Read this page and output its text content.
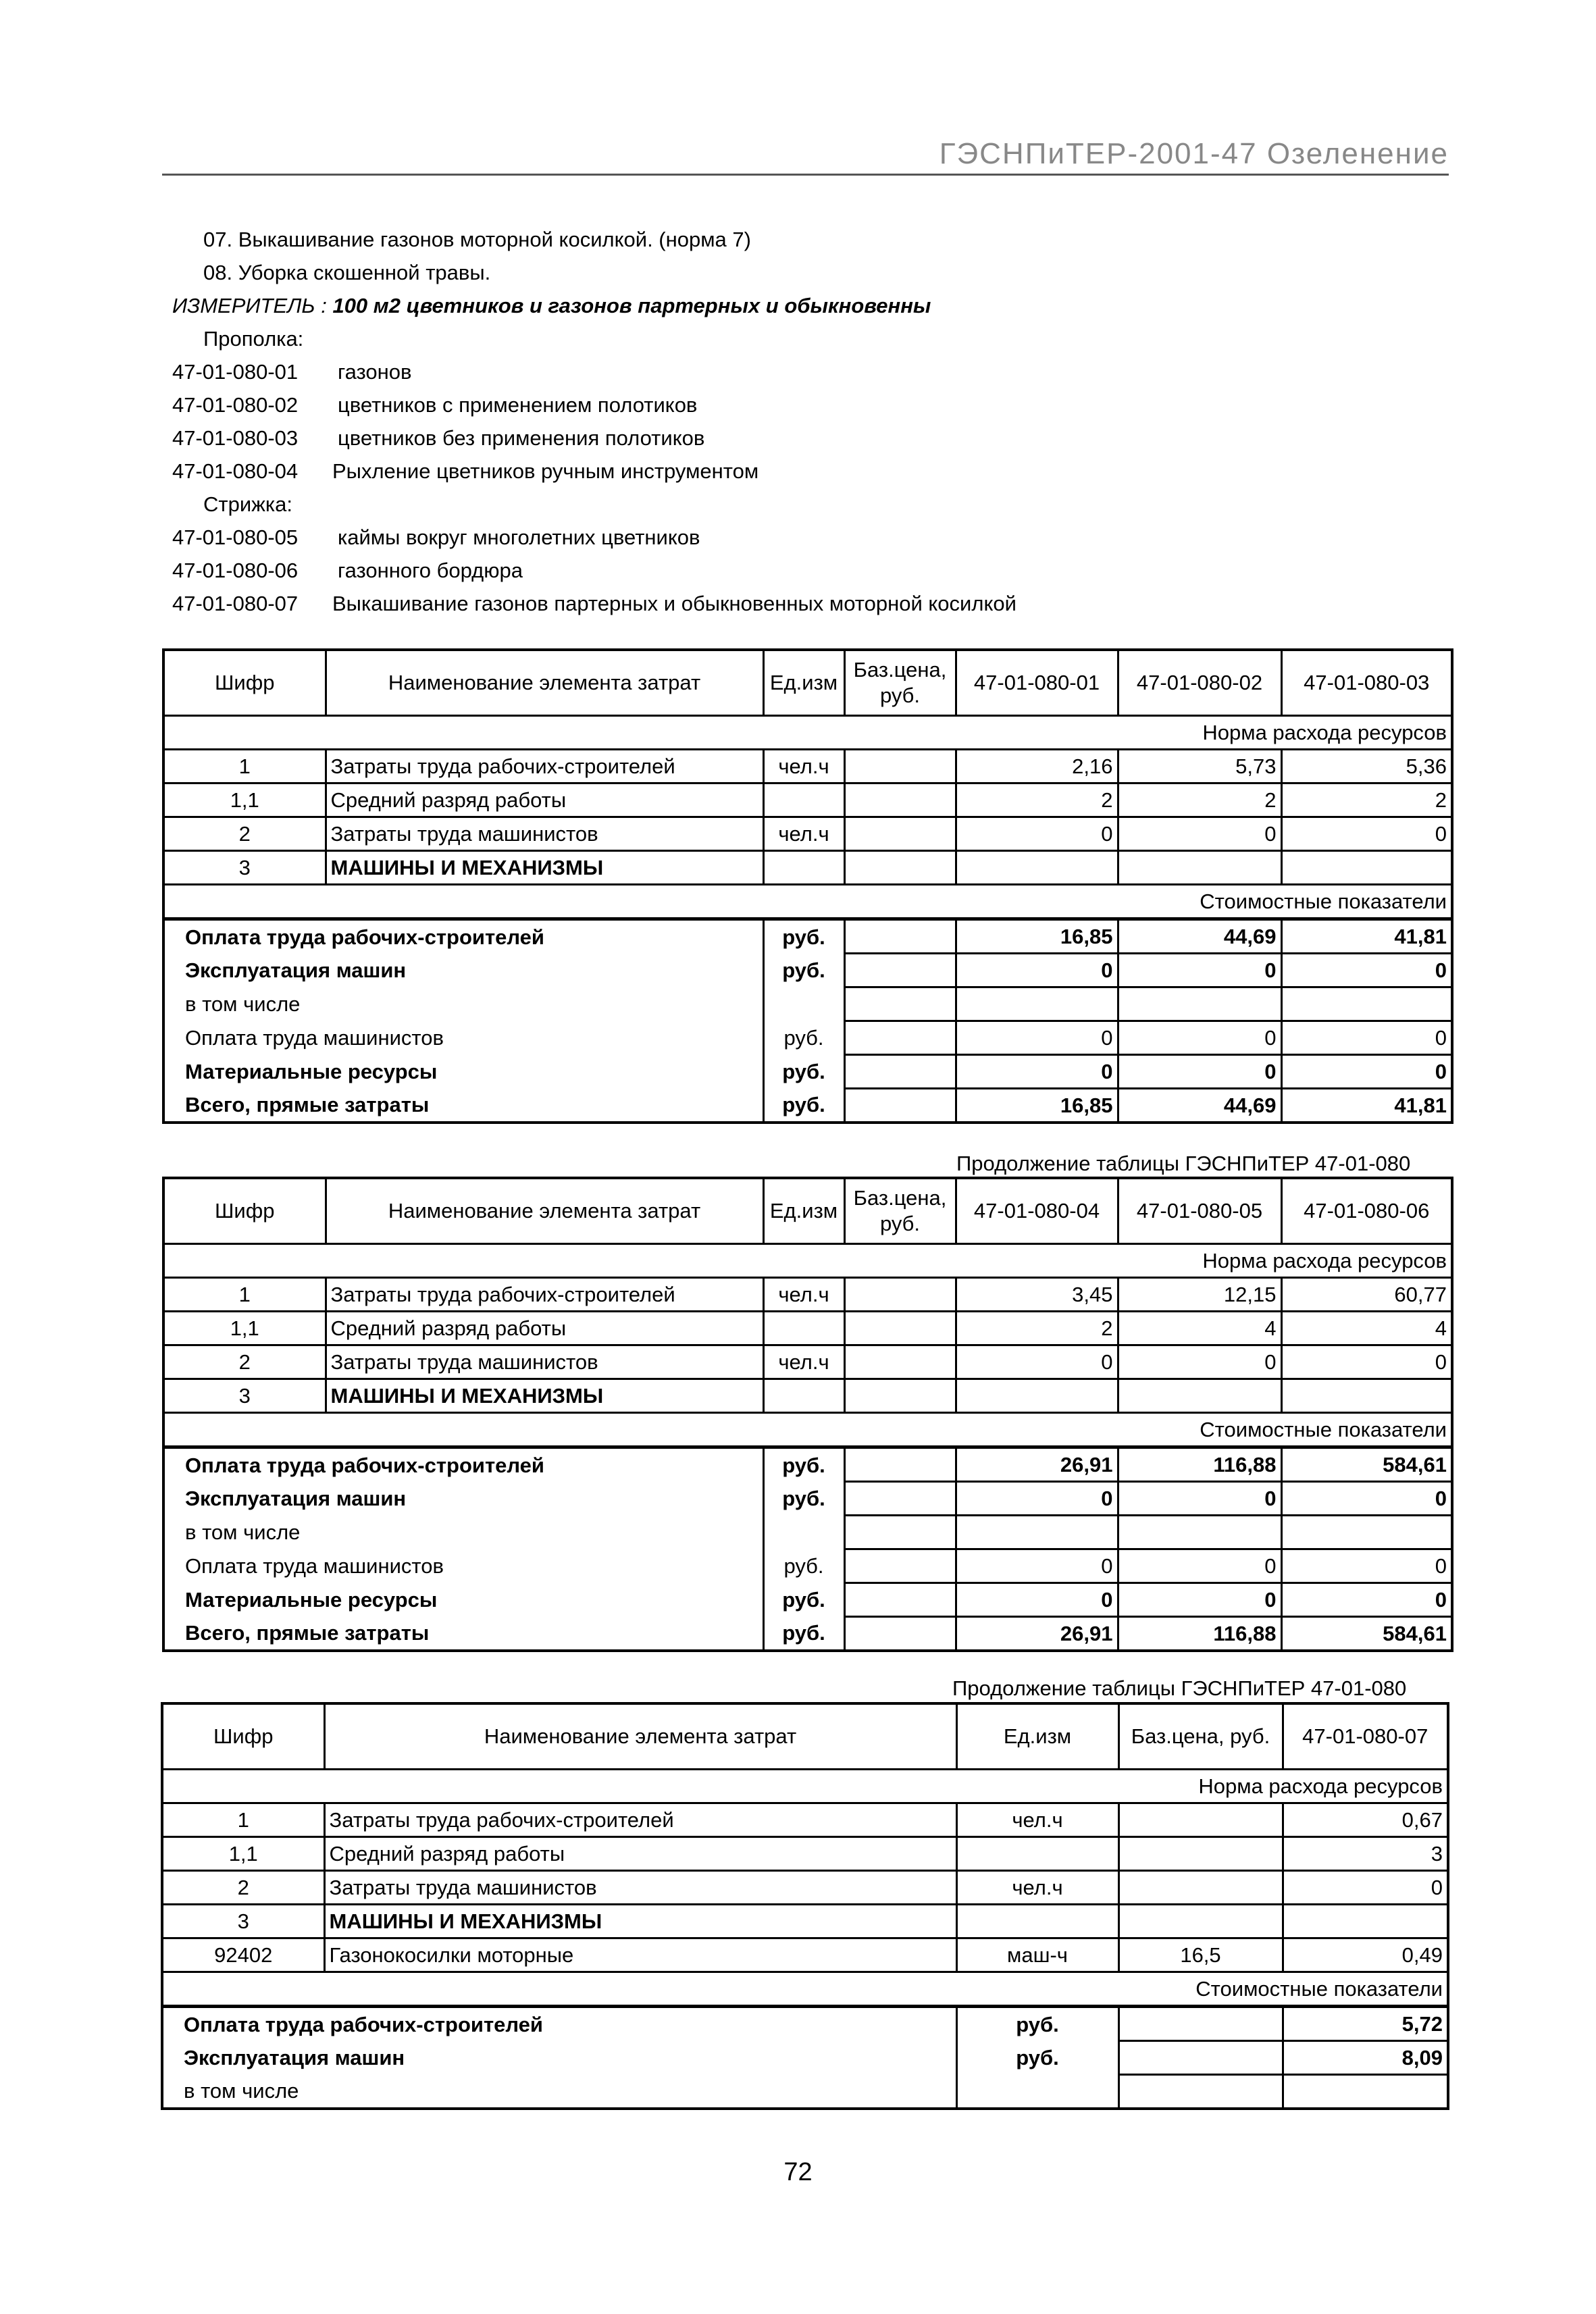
ГЭСНПиТЕР-2001-47 Озеленение
07. Выкашивание газонов моторной косилкой. (норма 7)
08. Уборка скошенной травы.
ИЗМЕРИТЕЛЬ : 100 м2 цветников и газонов партерных и обыкновенны
Прополка:
47-01-080-01 газонов
47-01-080-02 цветников с применением полотиков
47-01-080-03 цветников без применения полотиков
47-01-080-04 Рыхление цветников ручным инструментом
Стрижка:
47-01-080-05 каймы вокруг многолетних цветников
47-01-080-06 газонного бордюра
47-01-080-07 Выкашивание газонов партерных и обыкновенных моторной косилкой
Шифр	Наименование элемента затрат	Ед.изм	Баз.цена, руб.	47-01-080-01	47-01-080-02	47-01-080-03
Норма расхода ресурсов						
1	Затраты труда рабочих-строителей	чел.ч		2,16	5,73	5,36
1,1	Средний разряд работы			2	2	2
2	Затраты труда машинистов	чел.ч		0	0	0
3	МАШИНЫ И МЕХАНИЗМЫ					
Стоимостные показатели						
Оплата труда рабочих-строителей		руб.		16,85	44,69	41,81
Эксплуатация машин		руб.		0	0	0
в том числе						
Оплата труда машинистов		руб.		0	0	0
Материальные ресурсы		руб.		0	0	0
Всего, прямые затраты		руб.		16,85	44,69	41,81
Продолжение таблицы ГЭСНПиТЕР 47-01-080
Шифр	Наименование элемента затрат	Ед.изм	Баз.цена, руб.	47-01-080-04	47-01-080-05	47-01-080-06
Норма расхода ресурсов						
1	Затраты труда рабочих-строителей	чел.ч		3,45	12,15	60,77
1,1	Средний разряд работы			2	4	4
2	Затраты труда машинистов	чел.ч		0	0	0
3	МАШИНЫ И МЕХАНИЗМЫ					
Стоимостные показатели						
Оплата труда рабочих-строителей		руб.		26,91	116,88	584,61
Эксплуатация машин		руб.		0	0	0
в том числе						
Оплата труда машинистов		руб.		0	0	0
Материальные ресурсы		руб.		0	0	0
Всего, прямые затраты		руб.		26,91	116,88	584,61
Продолжение таблицы ГЭСНПиТЕР 47-01-080
Шифр	Наименование элемента затрат	Ед.изм	Баз.цена, руб.	47-01-080-07
Норма расхода ресурсов				
1	Затраты труда рабочих-строителей	чел.ч		0,67
1,1	Средний разряд работы			3
2	Затраты труда машинистов	чел.ч		0
3	МАШИНЫ И МЕХАНИЗМЫ			
92402	Газонокосилки моторные	маш-ч	16,5	0,49
Стоимостные показатели				
Оплата труда рабочих-строителей		руб.		5,72
Эксплуатация машин		руб.		8,09
в том числе				
72
